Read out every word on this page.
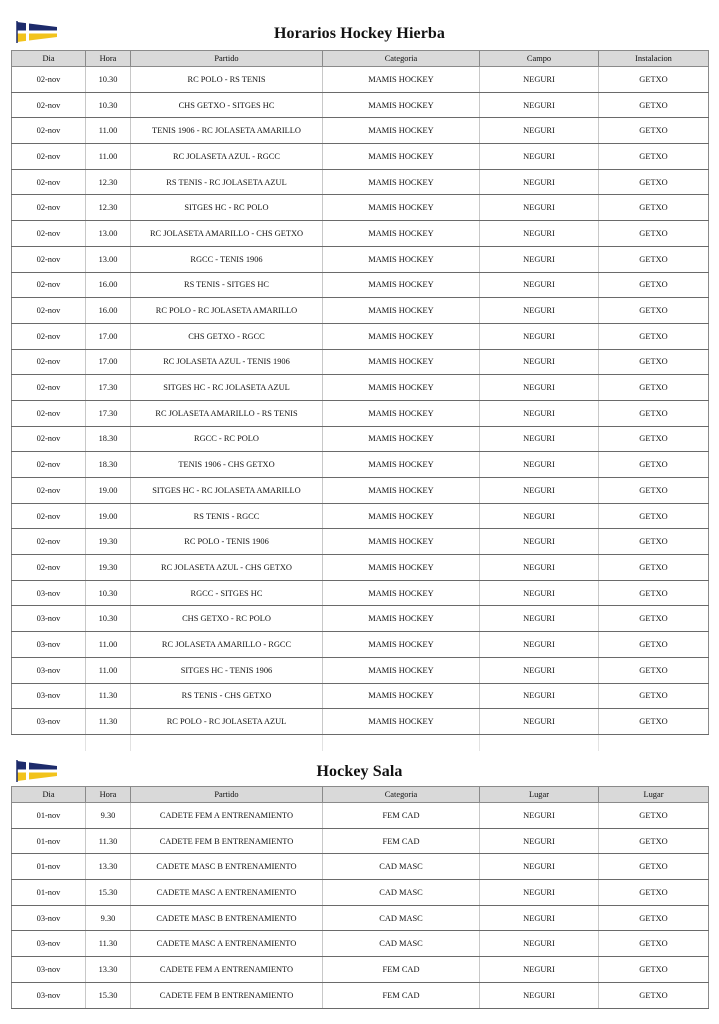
Horarios Hockey Hierba
Dia	Hora	Partido	Categoria	Campo	Instalacion
02-nov	10.30	RC POLO - RS TENIS	MAMIS HOCKEY	NEGURI	GETXO
02-nov	10.30	CHS GETXO - SITGES HC	MAMIS HOCKEY	NEGURI	GETXO
02-nov	11.00	TENIS 1906 - RC JOLASETA AMARILLO	MAMIS HOCKEY	NEGURI	GETXO
02-nov	11.00	RC JOLASETA AZUL - RGCC	MAMIS HOCKEY	NEGURI	GETXO
02-nov	12.30	RS TENIS - RC JOLASETA AZUL	MAMIS HOCKEY	NEGURI	GETXO
02-nov	12.30	SITGES HC - RC POLO	MAMIS HOCKEY	NEGURI	GETXO
02-nov	13.00	RC JOLASETA AMARILLO - CHS GETXO	MAMIS HOCKEY	NEGURI	GETXO
02-nov	13.00	RGCC - TENIS 1906	MAMIS HOCKEY	NEGURI	GETXO
02-nov	16.00	RS TENIS - SITGES HC	MAMIS HOCKEY	NEGURI	GETXO
02-nov	16.00	RC POLO - RC JOLASETA AMARILLO	MAMIS HOCKEY	NEGURI	GETXO
02-nov	17.00	CHS GETXO - RGCC	MAMIS HOCKEY	NEGURI	GETXO
02-nov	17.00	RC JOLASETA AZUL - TENIS 1906	MAMIS HOCKEY	NEGURI	GETXO
02-nov	17.30	SITGES HC - RC JOLASETA AZUL	MAMIS HOCKEY	NEGURI	GETXO
02-nov	17.30	RC JOLASETA AMARILLO - RS TENIS	MAMIS HOCKEY	NEGURI	GETXO
02-nov	18.30	RGCC - RC POLO	MAMIS HOCKEY	NEGURI	GETXO
02-nov	18.30	TENIS 1906 - CHS GETXO	MAMIS HOCKEY	NEGURI	GETXO
02-nov	19.00	SITGES HC - RC JOLASETA AMARILLO	MAMIS HOCKEY	NEGURI	GETXO
02-nov	19.00	RS TENIS - RGCC	MAMIS HOCKEY	NEGURI	GETXO
02-nov	19.30	RC POLO - TENIS 1906	MAMIS HOCKEY	NEGURI	GETXO
02-nov	19.30	RC JOLASETA AZUL - CHS GETXO	MAMIS HOCKEY	NEGURI	GETXO
03-nov	10.30	RGCC - SITGES HC	MAMIS HOCKEY	NEGURI	GETXO
03-nov	10.30	CHS GETXO - RC POLO	MAMIS HOCKEY	NEGURI	GETXO
03-nov	11.00	RC JOLASETA AMARILLO - RGCC	MAMIS HOCKEY	NEGURI	GETXO
03-nov	11.00	SITGES HC - TENIS 1906	MAMIS HOCKEY	NEGURI	GETXO
03-nov	11.30	RS TENIS - CHS GETXO	MAMIS HOCKEY	NEGURI	GETXO
03-nov	11.30	RC POLO - RC JOLASETA AZUL	MAMIS HOCKEY	NEGURI	GETXO
Hockey Sala
Dia	Hora	Partido	Categoria	Lugar	Lugar
01-nov	9.30	CADETE FEM A ENTRENAMIENTO	FEM CAD	NEGURI	GETXO
01-nov	11.30	CADETE FEM B ENTRENAMIENTO	FEM CAD	NEGURI	GETXO
01-nov	13.30	CADETE MASC B ENTRENAMIENTO	CAD MASC	NEGURI	GETXO
01-nov	15.30	CADETE MASC A ENTRENAMIENTO	CAD MASC	NEGURI	GETXO
03-nov	9.30	CADETE MASC B ENTRENAMIENTO	CAD MASC	NEGURI	GETXO
03-nov	11.30	CADETE MASC A ENTRENAMIENTO	CAD MASC	NEGURI	GETXO
03-nov	13.30	CADETE FEM A ENTRENAMIENTO	FEM CAD	NEGURI	GETXO
03-nov	15.30	CADETE FEM B ENTRENAMIENTO	FEM CAD	NEGURI	GETXO
